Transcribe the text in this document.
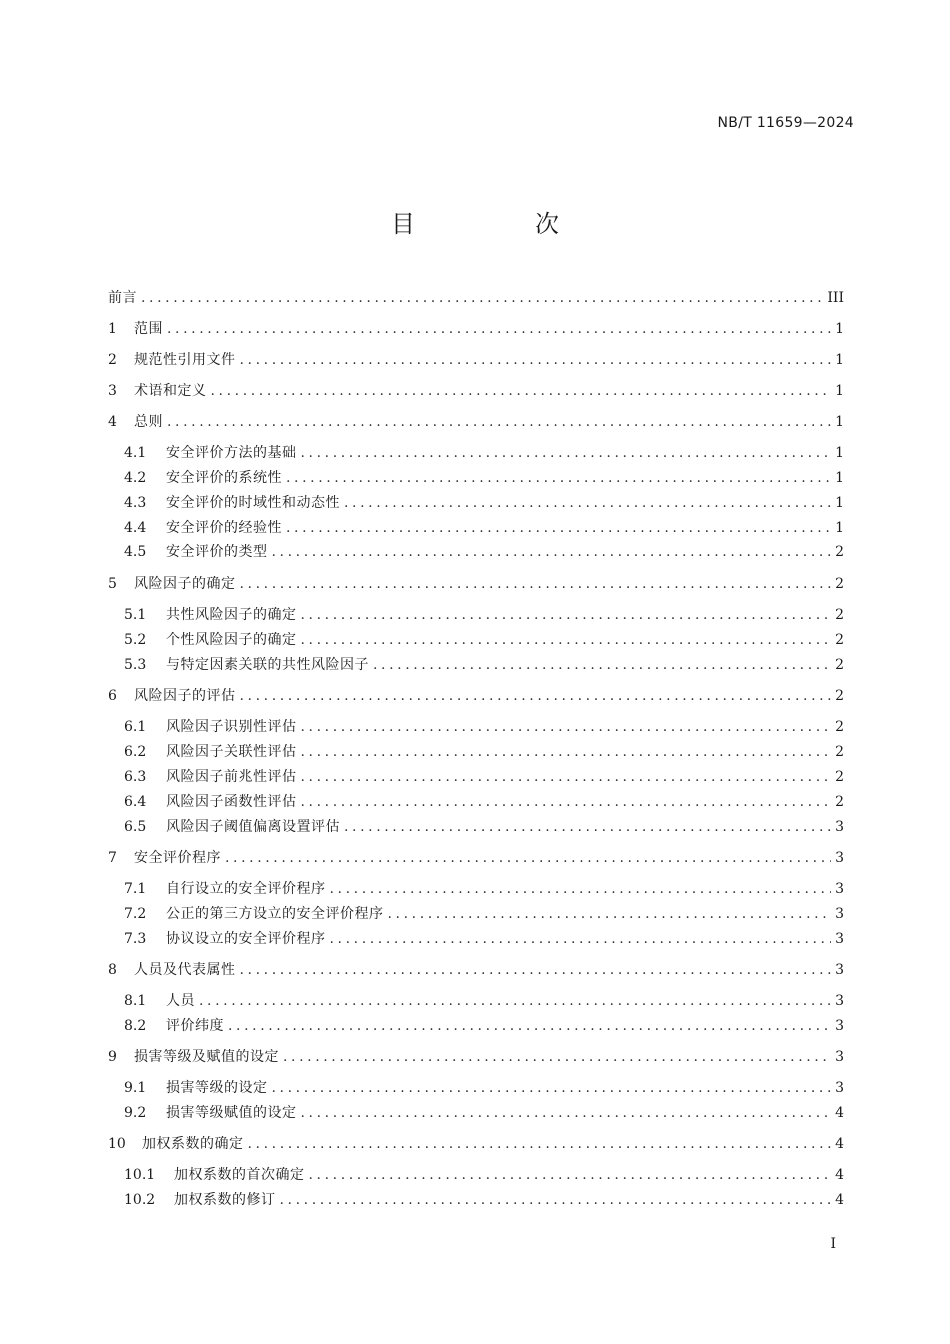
NB/T 11659—2024
目　次
前言 .....	III
1	范围 .....	1
2	规范性引用文件 .....	1
3	术语和定义 .....	1
4	总则 .....	1
4.1	安全评价方法的基础 .....	1
4.2	安全评价的系统性 .....	1
4.3	安全评价的时域性和动态性 .....	1
4.4	安全评价的经验性 .....	1
4.5	安全评价的类型 .....	2
5	风险因子的确定 .....	2
5.1	共性风险因子的确定 .....	2
5.2	个性风险因子的确定 .....	2
5.3	与特定因素关联的共性风险因子 .....	2
6	风险因子的评估 .....	2
6.1	风险因子识别性评估 .....	2
6.2	风险因子关联性评估 .....	2
6.3	风险因子前兆性评估 .....	2
6.4	风险因子函数性评估 .....	2
6.5	风险因子阈值偏离设置评估 .....	3
7	安全评价程序 .....	3
7.1	自行设立的安全评价程序 .....	3
7.2	公正的第三方设立的安全评价程序 .....	3
7.3	协议设立的安全评价程序 .....	3
8	人员及代表属性 .....	3
8.1	人员 .....	3
8.2	评价纬度 .....	3
9	损害等级及赋值的设定 .....	3
9.1	损害等级的设定 .....	3
9.2	损害等级赋值的设定 .....	4
10	加权系数的确定 .....	4
10.1	加权系数的首次确定 .....	4
10.2	加权系数的修订 .....	4
I
